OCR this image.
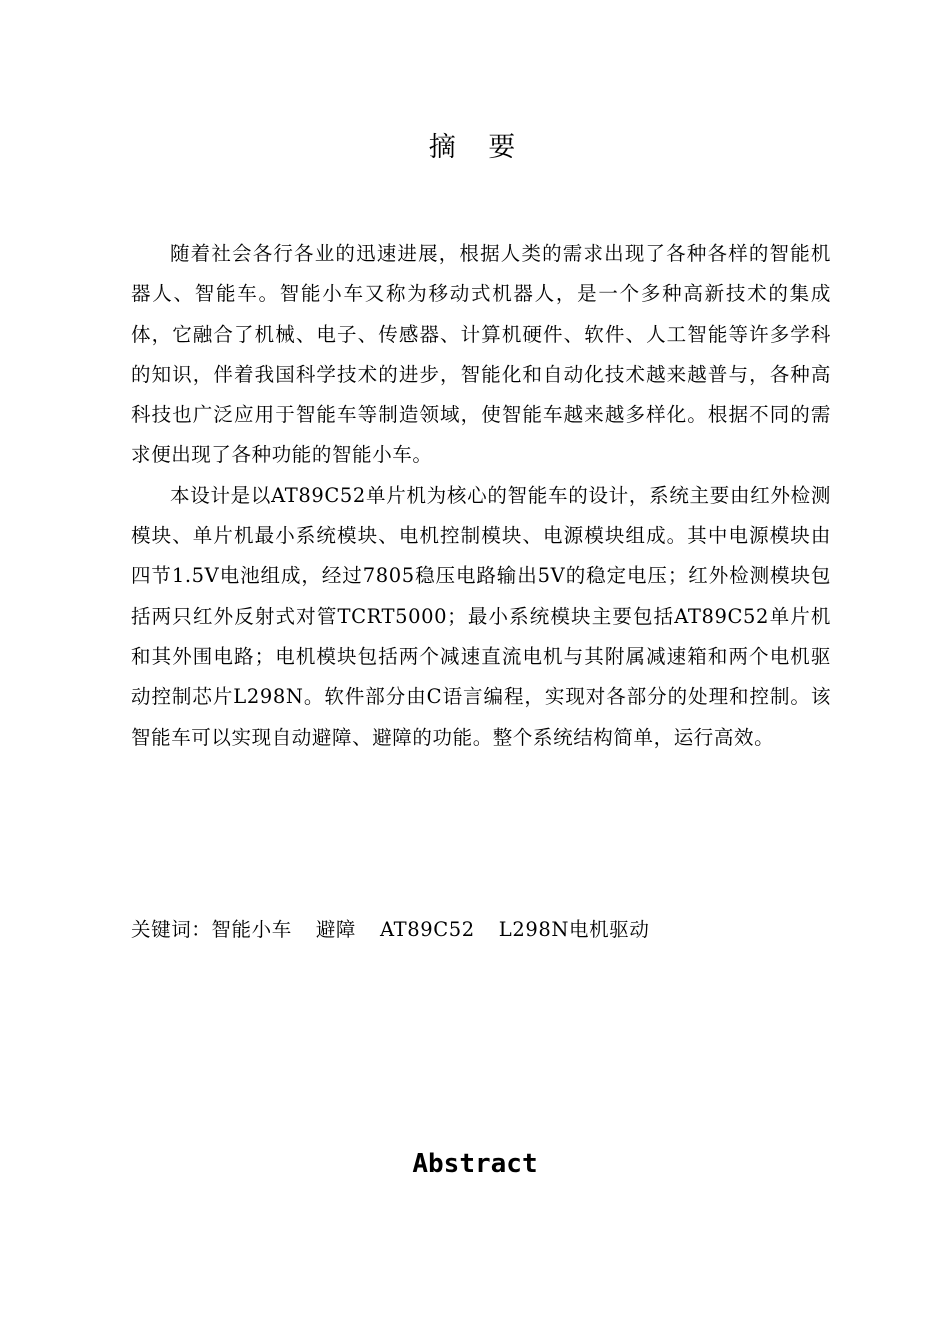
摘 要

随着社会各行各业的迅速进展，根据人类的需求出现了各种各样的智能机器人、智能车。智能小车又称为移动式机器人，是一个多种高新技术的集成体，它融合了机械、电子、传感器、计算机硬件、软件、人工智能等许多学科的知识，伴着我国科学技术的进步，智能化和自动化技术越来越普与，各种高科技也广泛应用于智能车等制造领域，使智能车越来越多样化。根据不同的需求便出现了各种功能的智能小车。

本设计是以AT89C52单片机为核心的智能车的设计，系统主要由红外检测模块、单片机最小系统模块、电机控制模块、电源模块组成。其中电源模块由四节1.5V电池组成，经过7805稳压电路输出5V的稳定电压；红外检测模块包括两只红外反射式对管TCRT5000；最小系统模块主要包括AT89C52单片机和其外围电路；电机模块包括两个减速直流电机与其附属减速箱和两个电机驱动控制芯片L298N。软件部分由C语言编程，实现对各部分的处理和控制。该智能车可以实现自动避障、避障的功能。整个系统结构简单，运行高效。

关键词：智能小车 避障 AT89C52 L298N电机驱动
Abstract
